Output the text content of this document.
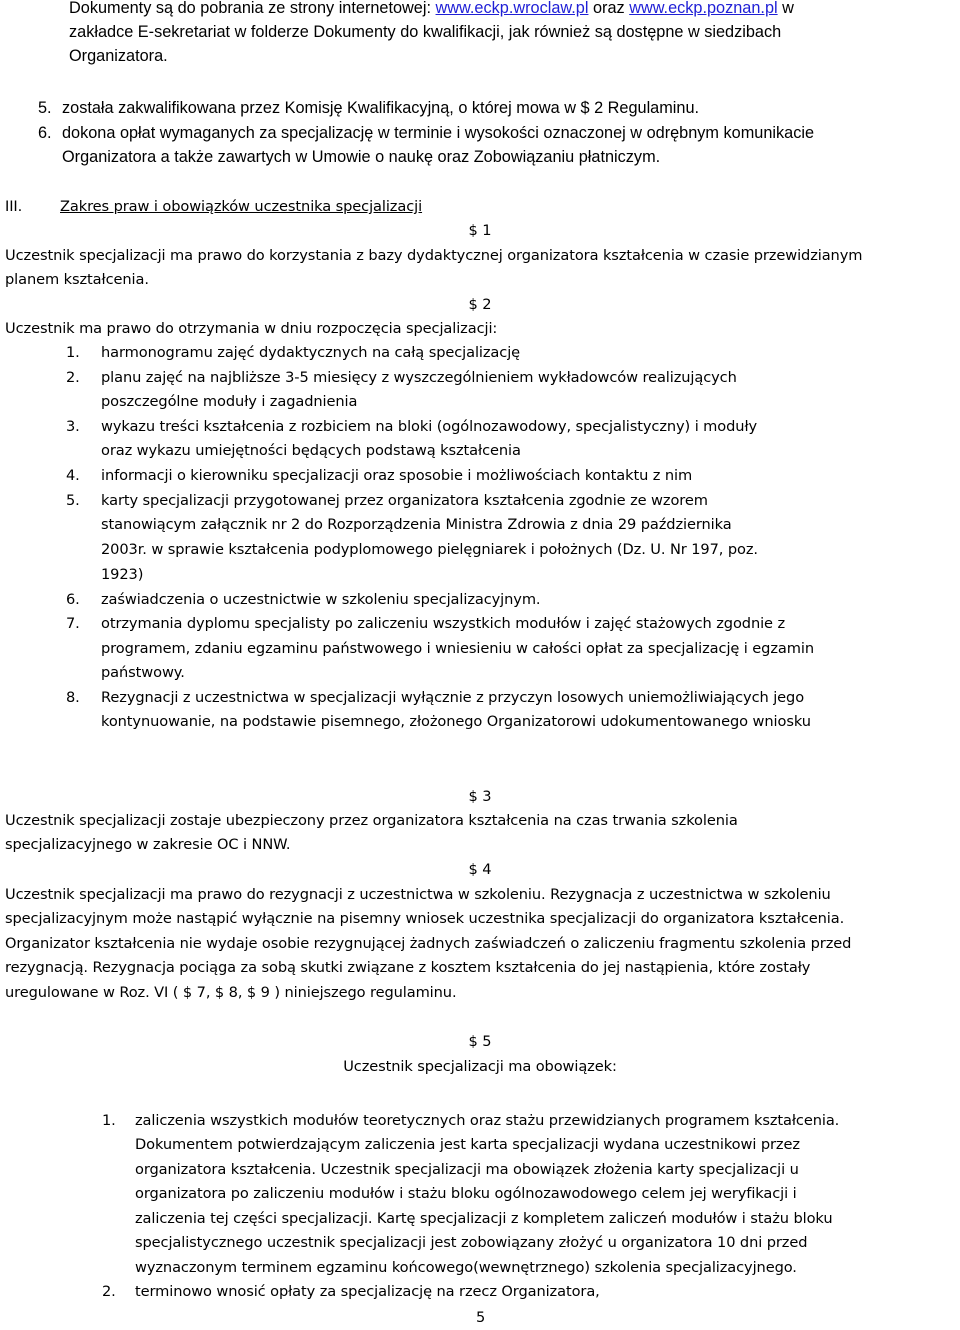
Dokumenty są do pobrania ze strony internetowej: www.eckp.wroclaw.pl oraz www.eckp.poznan.pl w
zakładce E-sekretariat w folderze Dokumenty do kwalifikacji, jak również są dostępne w siedzibach
Organizatora.
5. została zakwalifikowana przez Komisję Kwalifikacyjną, o której mowa w $ 2 Regulaminu.
6. dokona opłat wymaganych za specjalizację w terminie i wysokości oznaczonej w odrębnym komunikacie
Organizatora a także zawartych w Umowie o naukę oraz Zobowiązaniu płatniczym.
III.	Zakres praw i obowiązków uczestnika specjalizacji
$ 1
Uczestnik specjalizacji ma prawo do korzystania z bazy dydaktycznej organizatora kształcenia w czasie przewidzianym
planem kształcenia.
$ 2
Uczestnik ma prawo do otrzymania w dniu rozpoczęcia specjalizacji:
1. harmonogramu zajęć dydaktycznych na całą specjalizację
2. planu zajęć na najbliższe 3-5 miesięcy z wyszczególnieniem wykładowców realizujących
poszczególne moduły i zagadnienia
3. wykazu treści kształcenia z rozbiciem na bloki (ogólnozawodowy, specjalistyczny) i moduły
oraz wykazu umiejętności będących podstawą kształcenia
4. informacji o kierowniku specjalizacji oraz sposobie i możliwościach kontaktu z nim
5. karty specjalizacji przygotowanej przez organizatora kształcenia zgodnie ze wzorem
stanowiącym załącznik nr 2 do Rozporządzenia Ministra Zdrowia z dnia 29 października
2003r. w sprawie kształcenia podyplomowego pielęgniarek i położnych (Dz. U. Nr 197, poz.
1923)
6. zaświadczenia o uczestnictwie w szkoleniu specjalizacyjnym.
7. otrzymania dyplomu specjalisty po zaliczeniu wszystkich modułów i zajęć stażowych zgodnie z
programem, zdaniu egzaminu państwowego i wniesieniu w całości opłat za specjalizację i egzamin
państwowy.
8. Rezygnacji z uczestnictwa w specjalizacji wyłącznie z przyczyn losowych uniemożliwiających jego
kontynuowanie, na podstawie pisemnego, złożonego Organizatorowi udokumentowanego wniosku
$ 3
Uczestnik specjalizacji zostaje ubezpieczony przez organizatora kształcenia na czas trwania szkolenia
specjalizacyjnego w zakresie OC i NNW.
$ 4
Uczestnik specjalizacji ma prawo do rezygnacji z uczestnictwa w szkoleniu. Rezygnacja z uczestnictwa w szkoleniu
specjalizacyjnym może nastąpić wyłącznie na pisemny wniosek uczestnika specjalizacji do organizatora kształcenia.
Organizator kształcenia nie wydaje osobie rezygnującej żadnych zaświadczeń o zaliczeniu fragmentu szkolenia przed
rezygnacją. Rezygnacja pociąga za sobą skutki związane z kosztem kształcenia do jej nastąpienia, które zostały
uregulowane w Roz. VI ( $ 7, $ 8, $ 9 ) niniejszego regulaminu.
$ 5
Uczestnik specjalizacji ma obowiązek:
1. zaliczenia wszystkich modułów teoretycznych oraz stażu przewidzianych programem kształcenia.
Dokumentem potwierdzającym zaliczenia jest karta specjalizacji wydana uczestnikowi przez
organizatora kształcenia. Uczestnik specjalizacji ma obowiązek złożenia karty specjalizacji u
organizatora po zaliczeniu modułów i stażu bloku ogólnozawodowego celem jej weryfikacji i
zaliczenia tej części specjalizacji. Kartę specjalizacji z kompletem zaliczeń modułów i stażu bloku
specjalistycznego uczestnik specjalizacji jest zobowiązany złożyć u organizatora 10 dni przed
wyznaczonym terminem egzaminu końcowego(wewnętrznego) szkolenia specjalizacyjnego.
2. terminowo wnosić opłaty za specjalizację na rzecz Organizatora,
5
